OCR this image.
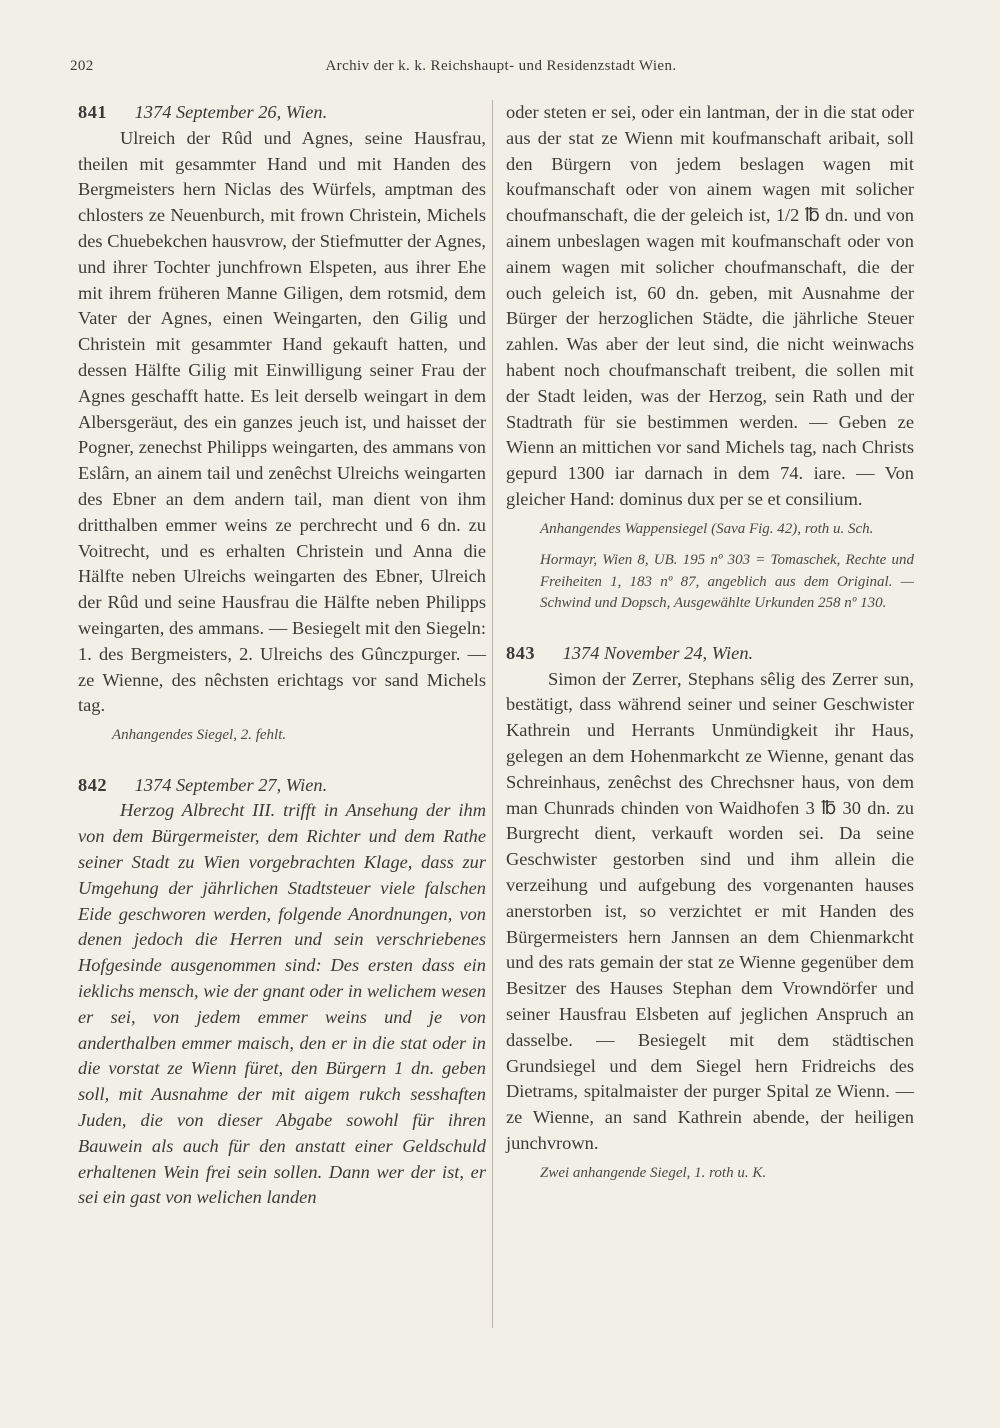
202	Archiv der k. k. Reichshaupt- und Residenzstadt Wien.
841 1374 September 26, Wien.

Ulreich der Rûd und Agnes, seine Hausfrau, theilen mit gesammter Hand und mit Handen des Bergmeisters hern Niclas des Würfels, amptman des chlosters ze Neuenburch, mit frown Christein, Michels des Chuebekchen hausvrow, der Stiefmutter der Agnes, und ihrer Tochter junchfrown Elspeten, aus ihrer Ehe mit ihrem früheren Manne Giligen, dem rotsmid, dem Vater der Agnes, einen Weingarten, den Gilig und Christein mit gesammter Hand gekauft hatten, und dessen Hälfte Gilig mit Einwilligung seiner Frau der Agnes geschafft hatte. Es leit derselb weingart in dem Albersgeräut, des ein ganzes jeuch ist, und haisset der Pogner, zenechst Philipps weingarten, des ammans von Eslârn, an ainem tail und zenêchst Ulreichs weingarten des Ebner an dem andern tail, man dient von ihm dritthalben emmer weins ze perchrecht und 6 dn. zu Voitrecht, und es erhalten Christein und Anna die Hälfte neben Ulreichs weingarten des Ebner, Ulreich der Rûd und seine Hausfrau die Hälfte neben Philipps weingarten, des ammans. — Besiegelt mit den Siegeln: 1. des Bergmeisters, 2. Ulreichs des Gûnczpurger. — ze Wienne, des nêchsten erichtags vor sand Michels tag.

Anhangendes Siegel, 2. fehlt.

842 1374 September 27, Wien.

Herzog Albrecht III. trifft in Ansehung der ihm von dem Bürgermeister, dem Richter und dem Rathe seiner Stadt zu Wien vorgebrachten Klage, dass zur Umgehung der jährlichen Stadtsteuer viele falschen Eide geschworen werden, folgende Anordnungen, von denen jedoch die Herren und sein verschriebenes Hofgesinde ausgenommen sind: Des ersten dass ein ieklichs mensch, wie der gnant oder in welichem wesen er sei, von jedem emmer weins und je von anderthalben emmer maisch, den er in die stat oder in die vorstat ze Wienn füret, den Bürgern 1 dn. geben soll, mit Ausnahme der mit aigem rukch sesshaften Juden, die von dieser Abgabe sowohl für ihren Bauwein als auch für den anstatt einer Geldschuld erhaltenen Wein frei sein sollen. Dann wer der ist, er sei ein gast von welichen landen

oder steten er sei, oder ein lantman, der in die stat oder aus der stat ze Wienn mit koufmanschaft aribait, soll den Bürgern von jedem beslagen wagen mit koufmanschaft oder von ainem wagen mit solicher choufmanschaft, die der geleich ist, 1/2 ℔ dn. und von ainem unbeslagen wagen mit koufmanschaft oder von ainem wagen mit solicher choufmanschaft, die der ouch geleich ist, 60 dn. geben, mit Ausnahme der Bürger der herzoglichen Städte, die jährliche Steuer zahlen. Was aber der leut sind, die nicht weinwachs habent noch choufmanschaft treibent, die sollen mit der Stadt leiden, was der Herzog, sein Rath und der Stadtrath für sie bestimmen werden. — Geben ze Wienn an mittichen vor sand Michels tag, nach Christs gepurd 1300 iar darnach in dem 74. iare. — Von gleicher Hand: dominus dux per se et consilium.

Anhangendes Wappensiegel (Sava Fig. 42), roth u. Sch.

Hormayr, Wien 8, UB. 195 nº 303 = Tomaschek, Rechte und Freiheiten 1, 183 nº 87, angeblich aus dem Original. — Schwind und Dopsch, Ausgewählte Urkunden 258 nº 130.

843 1374 November 24, Wien.

Simon der Zerrer, Stephans sêlig des Zerrer sun, bestätigt, dass während seiner und seiner Geschwister Kathrein und Herrants Unmündigkeit ihr Haus, gelegen an dem Hohenmarkcht ze Wienne, genant das Schreinhaus, zenêchst des Chrechsner haus, von dem man Chunrads chinden von Waidhofen 3 ℔ 30 dn. zu Burgrecht dient, verkauft worden sei. Da seine Geschwister gestorben sind und ihm allein die verzeihung und aufgebung des vorgenanten hauses anerstorben ist, so verzichtet er mit Handen des Bürgermeisters hern Jannsen an dem Chienmarkcht und des rats gemain der stat ze Wienne gegenüber dem Besitzer des Hauses Stephan dem Vrowndörfer und seiner Hausfrau Elsbeten auf jeglichen Anspruch an dasselbe. — Besiegelt mit dem städtischen Grundsiegel und dem Siegel hern Fridreichs des Dietrams, spitalmaister der purger Spital ze Wienn. — ze Wienne, an sand Kathrein abende, der heiligen junchvrown.

Zwei anhangende Siegel, 1. roth u. K.
